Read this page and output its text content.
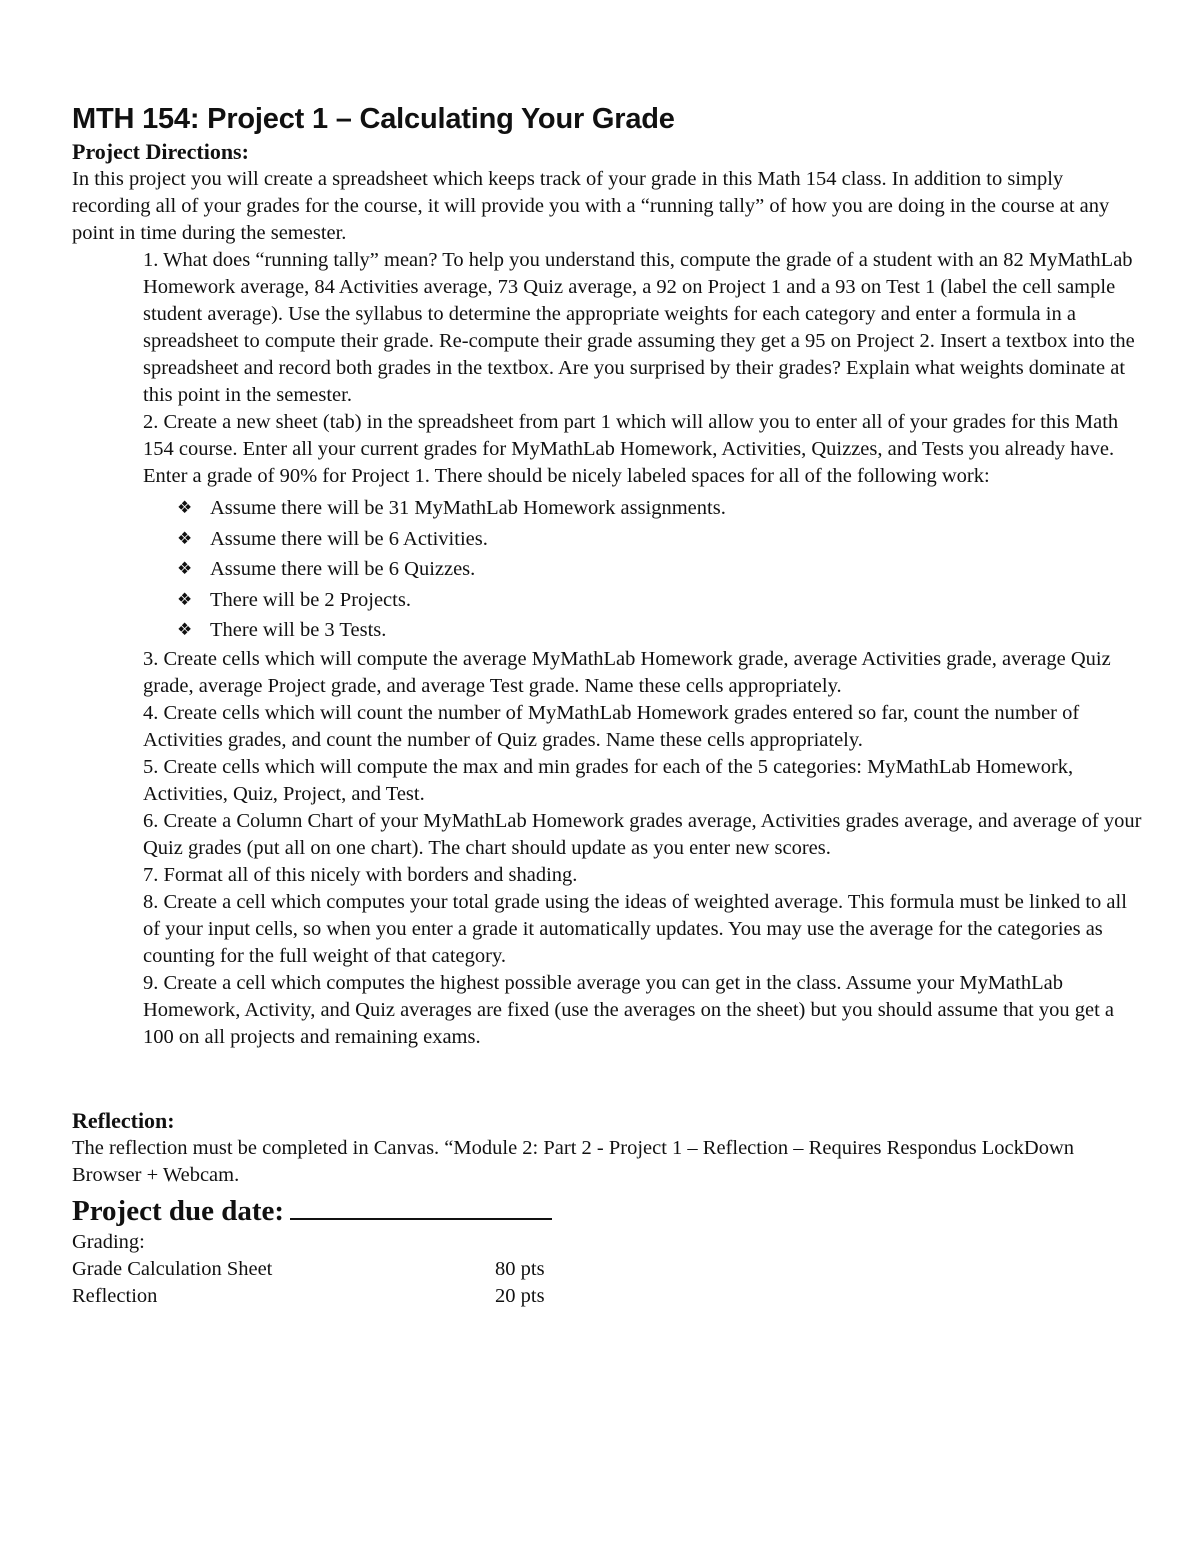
MTH 154: Project 1 – Calculating Your Grade
Project Directions:

In this project you will create a spreadsheet which keeps track of your grade in this Math 154 class. In addition to simply recording all of your grades for the course, it will provide you with a “running tally” of how you are doing in the course at any point in time during the semester.

1. What does “running tally” mean? To help you understand this, compute the grade of a student with an 82 MyMathLab Homework average, 84 Activities average, 73 Quiz average, a 92 on Project 1 and a 93 on Test 1 (label the cell sample student average). Use the syllabus to determine the appropriate weights for each category and enter a formula in a spreadsheet to compute their grade. Re-compute their grade assuming they get a 95 on Project 2. Insert a textbox into the spreadsheet and record both grades in the textbox. Are you surprised by their grades? Explain what weights dominate at this point in the semester.
2. Create a new sheet (tab) in the spreadsheet from part 1 which will allow you to enter all of your grades for this Math 154 course. Enter all your current grades for MyMathLab Homework, Activities, Quizzes, and Tests you already have. Enter a grade of 90% for Project 1. There should be nicely labeled spaces for all of the following work:
❖ Assume there will be 31 MyMathLab Homework assignments.
❖ Assume there will be 6 Activities.
❖ Assume there will be 6 Quizzes.
❖ There will be 2 Projects.
❖ There will be 3 Tests.
3. Create cells which will compute the average MyMathLab Homework grade, average Activities grade, average Quiz grade, average Project grade, and average Test grade. Name these cells appropriately.
4. Create cells which will count the number of MyMathLab Homework grades entered so far, count the number of Activities grades, and count the number of Quiz grades. Name these cells appropriately.
5. Create cells which will compute the max and min grades for each of the 5 categories: MyMathLab Homework, Activities, Quiz, Project, and Test.
6. Create a Column Chart of your MyMathLab Homework grades average, Activities grades average, and average of your Quiz grades (put all on one chart). The chart should update as you enter new scores.
7. Format all of this nicely with borders and shading.
8. Create a cell which computes your total grade using the ideas of weighted average. This formula must be linked to all of your input cells, so when you enter a grade it automatically updates. You may use the average for the categories as counting for the full weight of that category.
9. Create a cell which computes the highest possible average you can get in the class. Assume your MyMathLab Homework, Activity, and Quiz averages are fixed (use the averages on the sheet) but you should assume that you get a 100 on all projects and remaining exams.
Reflection:

The reflection must be completed in Canvas. “Module 2: Part 2 - Project 1 – Reflection – Requires Respondus LockDown Browser + Webcam.

Project due date:

Grading:

Grade Calculation Sheet	80 pts
Reflection	20 pts
